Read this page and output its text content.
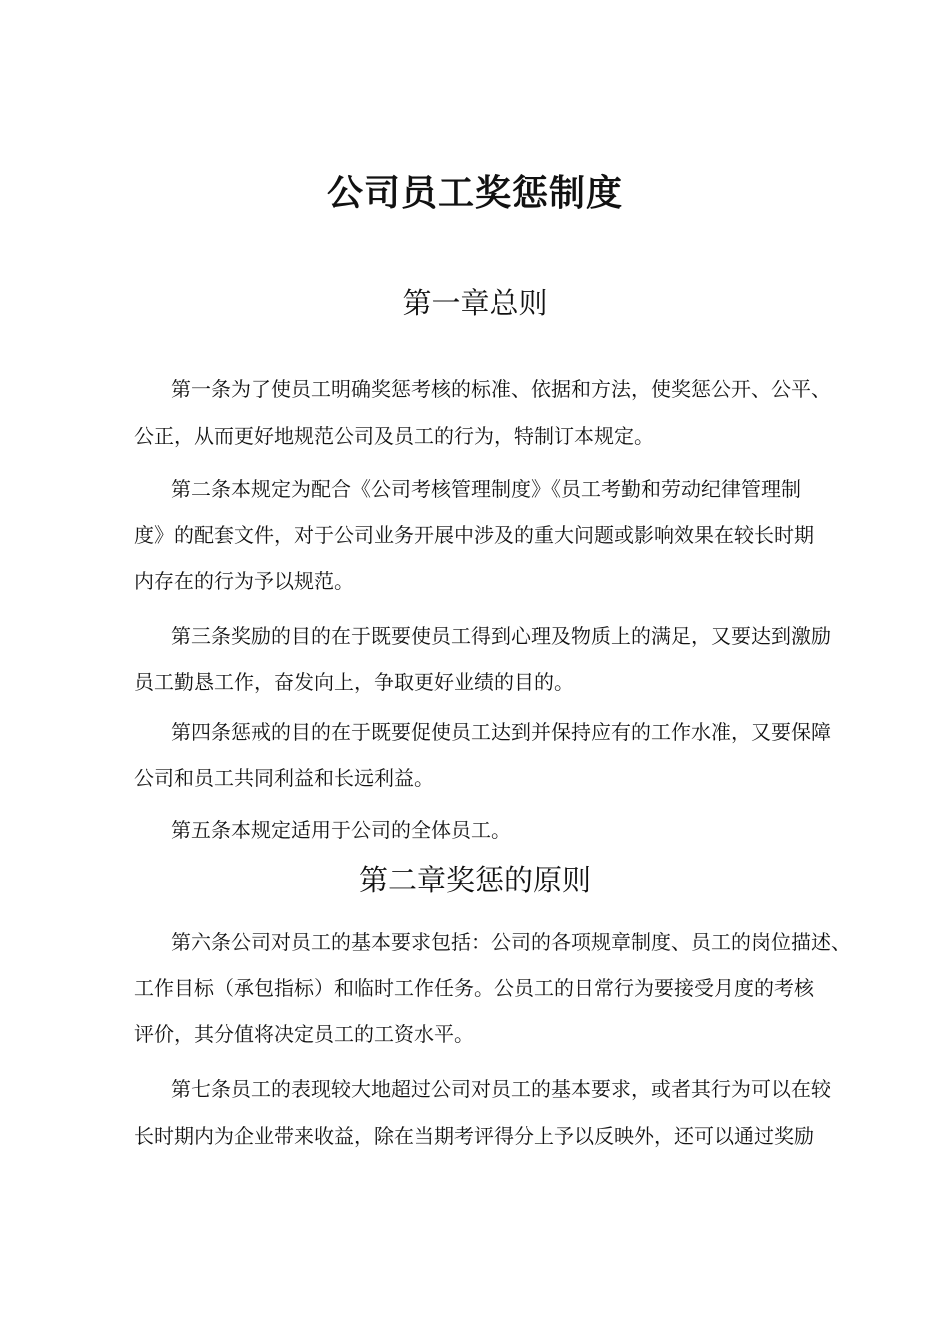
公司员工奖惩制度
第一章总则

第一条为了使员工明确奖惩考核的标准、依据和方法，使奖惩公开、公平、

公正，从而更好地规范公司及员工的行为，特制订本规定。

第二条本规定为配合《公司考核管理制度》《员工考勤和劳动纪律管理制

度》的配套文件，对于公司业务开展中涉及的重大问题或影响效果在较长时期

内存在的行为予以规范。

第三条奖励的目的在于既要使员工得到心理及物质上的满足，又要达到激励

员工勤恳工作，奋发向上，争取更好业绩的目的。

第四条惩戒的目的在于既要促使员工达到并保持应有的工作水准，又要保障

公司和员工共同利益和长远利益。

第五条本规定适用于公司的全体员工。

第二章奖惩的原则

第六条公司对员工的基本要求包括：公司的各项规章制度、员工的岗位描述、

工作目标（承包指标）和临时工作任务。公员工的日常行为要接受月度的考核

评价，其分值将决定员工的工资水平。

第七条员工的表现较大地超过公司对员工的基本要求，或者其行为可以在较

长时期内为企业带来收益，除在当期考评得分上予以反映外，还可以通过奖励
